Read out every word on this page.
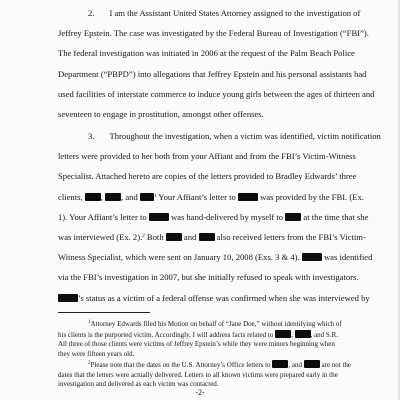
2.       I am the Assistant United States Attorney assigned to the investigation of
Jeffrey Epstein. The case was investigated by the Federal Bureau of Investigation (“FBI”).
The federal investigation was initiated in 2006 at the request of the Palm Beach Police
Department (“PBPD”) into allegations that Jeffrey Epstein and his personal assistants had
used facilities of interstate commerce to induce young girls between the ages of thirteen and
seventeen to engage in prostitution, amongst other offenses.
3.       Throughout the investigation, when a victim was identified, victim notification
letters were provided to her both from your Affiant and from the FBI’s Victim-Witness
Specialist. Attached hereto are copies of the letters provided to Bradley Edwards’ three
clients, , , and	$^1$ Your Affiant’s letter to	was provided by the FBI. (Ex.
1). Your Affiant’s letter to	was hand-delivered by myself to  at the time that she
was interviewed (Ex. 2).$^2$ Both  and  also received letters from the FBI’s Victim-
Witness Specialist, which were sent on January 10, 2008 (Exs. 3 & 4).	was identified
via the FBI’s investigation in 2007, but she initially refused to speak with investigators.
’s status as a victim of a federal offense was confirmed when she was interviewed by
$^1$Attorney Edwards filed his Motion on behalf of “Jane Doe,” without identifying which of
his clients is the purported victim. Accordingly, I will address facts related to	,	, and S.R.
All three of those clients were victims of Jeffrey Epstein’s while they were minors beginning when
they were fifteen years old.
$^2$Please note that the dates on the U.S. Attorney’s Office letters to	, and	are not the
dates that the letters were actually delivered. Letters to all known victims were prepared early in the
investigation and delivered as each victim was contacted.
-2-
